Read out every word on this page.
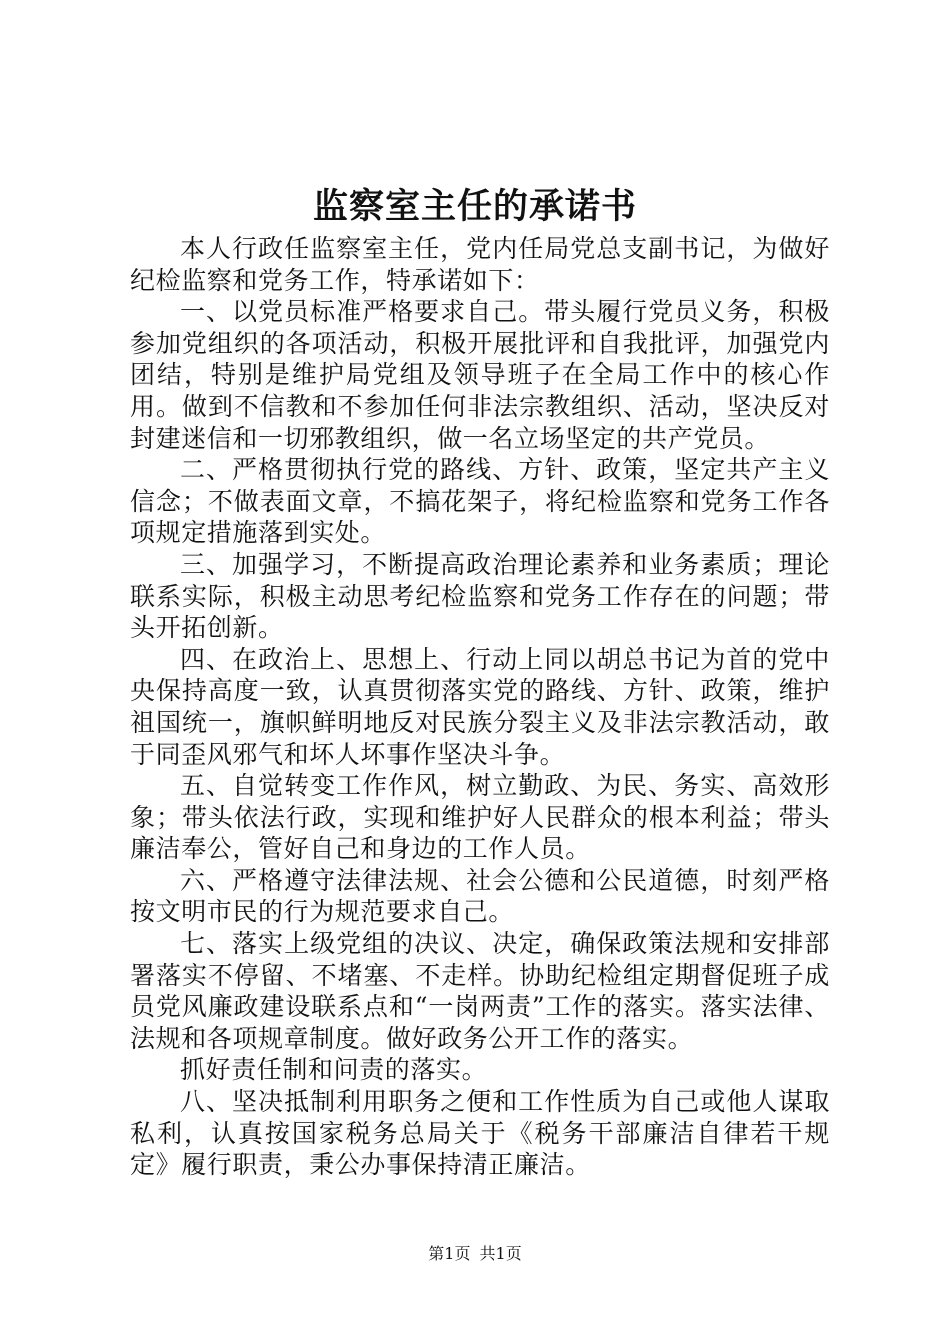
监察室主任的承诺书

本人行政任监察室主任，党内任局党总支副书记，为做好纪检监察和党务工作，特承诺如下：

一、以党员标准严格要求自己。带头履行党员义务，积极参加党组织的各项活动，积极开展批评和自我批评，加强党内团结，特别是维护局党组及领导班子在全局工作中的核心作用。做到不信教和不参加任何非法宗教组织、活动，坚决反对封建迷信和一切邪教组织，做一名立场坚定的共产党员。

二、严格贯彻执行党的路线、方针、政策，坚定共产主义信念；不做表面文章，不搞花架子，将纪检监察和党务工作各项规定措施落到实处。

三、加强学习，不断提高政治理论素养和业务素质；理论联系实际，积极主动思考纪检监察和党务工作存在的问题；带头开拓创新。

四、在政治上、思想上、行动上同以胡总书记为首的党中央保持高度一致，认真贯彻落实党的路线、方针、政策，维护祖国统一，旗帜鲜明地反对民族分裂主义及非法宗教活动，敢于同歪风邪气和坏人坏事作坚决斗争。

五、自觉转变工作作风，树立勤政、为民、务实、高效形象；带头依法行政，实现和维护好人民群众的根本利益；带头廉洁奉公，管好自己和身边的工作人员。

六、严格遵守法律法规、社会公德和公民道德，时刻严格按文明市民的行为规范要求自己。

七、落实上级党组的决议、决定，确保政策法规和安排部署落实不停留、不堵塞、不走样。协助纪检组定期督促班子成员党风廉政建设联系点和“一岗两责”工作的落实。落实法律、法规和各项规章制度。做好政务公开工作的落实。

抓好责任制和问责的落实。

八、坚决抵制利用职务之便和工作性质为自己或他人谋取私利，认真按国家税务总局关于《税务干部廉洁自律若干规定》履行职责，秉公办事保持清正廉洁。

第1页 共1页
